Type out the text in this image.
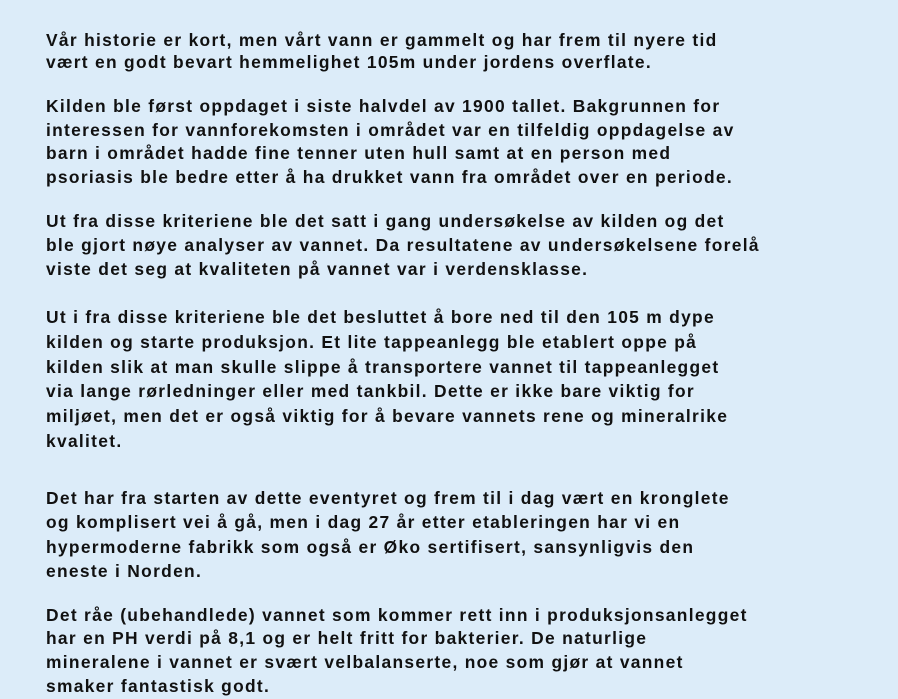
Vår historie er kort, men vårt vann er gammelt og har frem til nyere tid
vært en godt bevart hemmelighet 105m under jordens overflate.

Kilden ble først oppdaget i siste halvdel av 1900 tallet. Bakgrunnen for
interessen for vannforekomsten i området var en tilfeldig oppdagelse av
barn i området hadde fine tenner uten hull samt at en person med
psoriasis ble bedre etter å ha drukket vann fra området over en periode.

Ut fra disse kriteriene ble det satt i gang undersøkelse av kilden og det
ble gjort nøye analyser av vannet. Da resultatene av undersøkelsene forelå
viste det seg at kvaliteten på vannet var i verdensklasse.

Ut i fra disse kriteriene ble det besluttet å bore ned til den 105 m dype
kilden og starte produksjon. Et lite tappeanlegg ble etablert oppe på
kilden slik at man skulle slippe å transportere vannet til tappeanlegget
via lange rørledninger eller med tankbil. Dette er ikke bare viktig for
miljøet, men det er også viktig for å bevare vannets rene og mineralrike
kvalitet.

Det har fra starten av dette eventyret og frem til i dag vært en kronglete
og komplisert vei å gå, men i dag 27 år etter etableringen har vi en
hypermoderne fabrikk som også er Øko sertifisert, sansynligvis den
eneste i Norden.

Det råe (ubehandlede) vannet som kommer rett inn i produksjonsanlegget
har en PH verdi på 8,1 og er helt fritt for bakterier. De naturlige
mineralene i vannet er svært velbalanserte, noe som gjør at vannet
smaker fantastisk godt.
